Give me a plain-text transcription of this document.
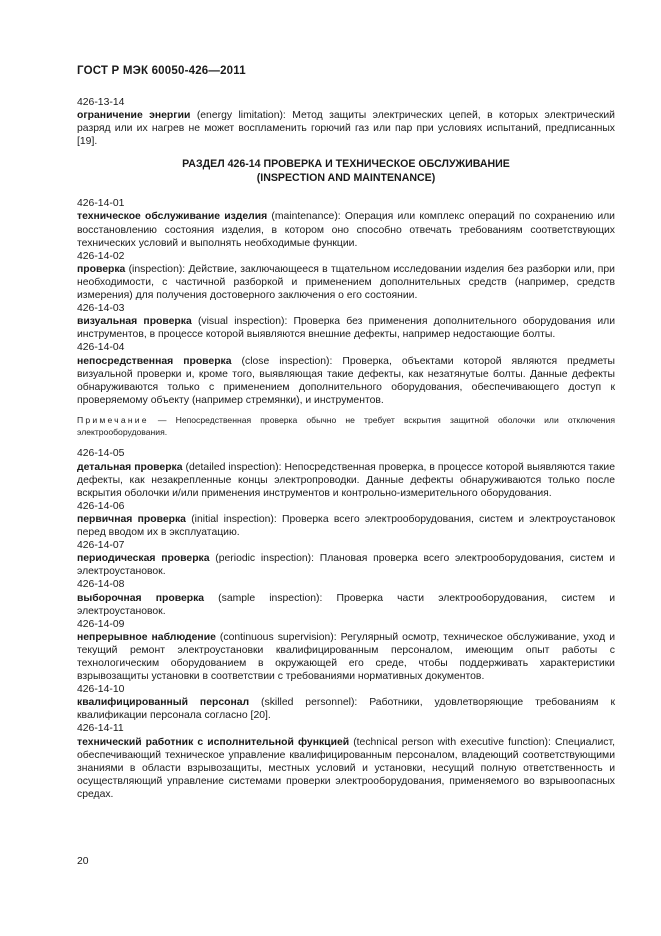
ГОСТ Р МЭК 60050-426—2011

426-13-14

ограничение энергии (energy limitation): Метод защиты электрических цепей, в которых электрический разряд или их нагрев не может воспламенить горючий газ или пар при условиях испытаний, предписанных [19].

РАЗДЕЛ 426-14 ПРОВЕРКА И ТЕХНИЧЕСКОЕ ОБСЛУЖИВАНИЕ
(INSPECTION AND MAINTENANCE)

426-14-01

техническое обслуживание изделия (maintenance): Операция или комплекс операций по сохранению или восстановлению состояния изделия, в котором оно способно отвечать требованиям соответствующих технических условий и выполнять необходимые функции.

426-14-02

проверка (inspection): Действие, заключающееся в тщательном исследовании изделия без разборки или, при необходимости, с частичной разборкой и применением дополнительных средств (например, средств измерения) для получения достоверного заключения о его состоянии.

426-14-03

визуальная проверка (visual inspection): Проверка без применения дополнительного оборудования или инструментов, в процессе которой выявляются внешние дефекты, например недостающие болты.

426-14-04

непосредственная проверка (close inspection): Проверка, объектами которой являются предметы визуальной проверки и, кроме того, выявляющая такие дефекты, как незатянутые болты. Данные дефекты обнаруживаются только с применением дополнительного оборудования, обеспечивающего доступ к проверяемому объекту (например стремянки), и инструментов.

Примечание — Непосредственная проверка обычно не требует вскрытия защитной оболочки или отключения электрооборудования.

426-14-05

детальная проверка (detailed inspection): Непосредственная проверка, в процессе которой выявляются такие дефекты, как незакрепленные концы электропроводки. Данные дефекты обнаруживаются только после вскрытия оболочки и/или применения инструментов и контрольно-измерительного оборудования.

426-14-06

первичная проверка (initial inspection): Проверка всего электрооборудования, систем и электроустановок перед вводом их в эксплуатацию.

426-14-07

периодическая проверка (periodic inspection): Плановая проверка всего электрооборудования, систем и электроустановок.

426-14-08

выборочная проверка (sample inspection): Проверка части электрооборудования, систем и электроустановок.

426-14-09

непрерывное наблюдение (continuous supervision): Регулярный осмотр, техническое обслуживание, уход и текущий ремонт электроустановки квалифицированным персоналом, имеющим опыт работы с технологическим оборудованием в окружающей его среде, чтобы поддерживать характеристики взрывозащиты установки в соответствии с требованиями нормативных документов.

426-14-10

квалифицированный персонал (skilled personnel): Работники, удовлетворяющие требованиям к квалификации персонала согласно [20].

426-14-11

технический работник с исполнительной функцией (technical person with executive function): Специалист, обеспечивающий техническое управление квалифицированным персоналом, владеющий соответствующими знаниями в области взрывозащиты, местных условий и установки, несущий полную ответственность и осуществляющий управление системами проверки электрооборудования, применяемого во взрывоопасных средах.

20
